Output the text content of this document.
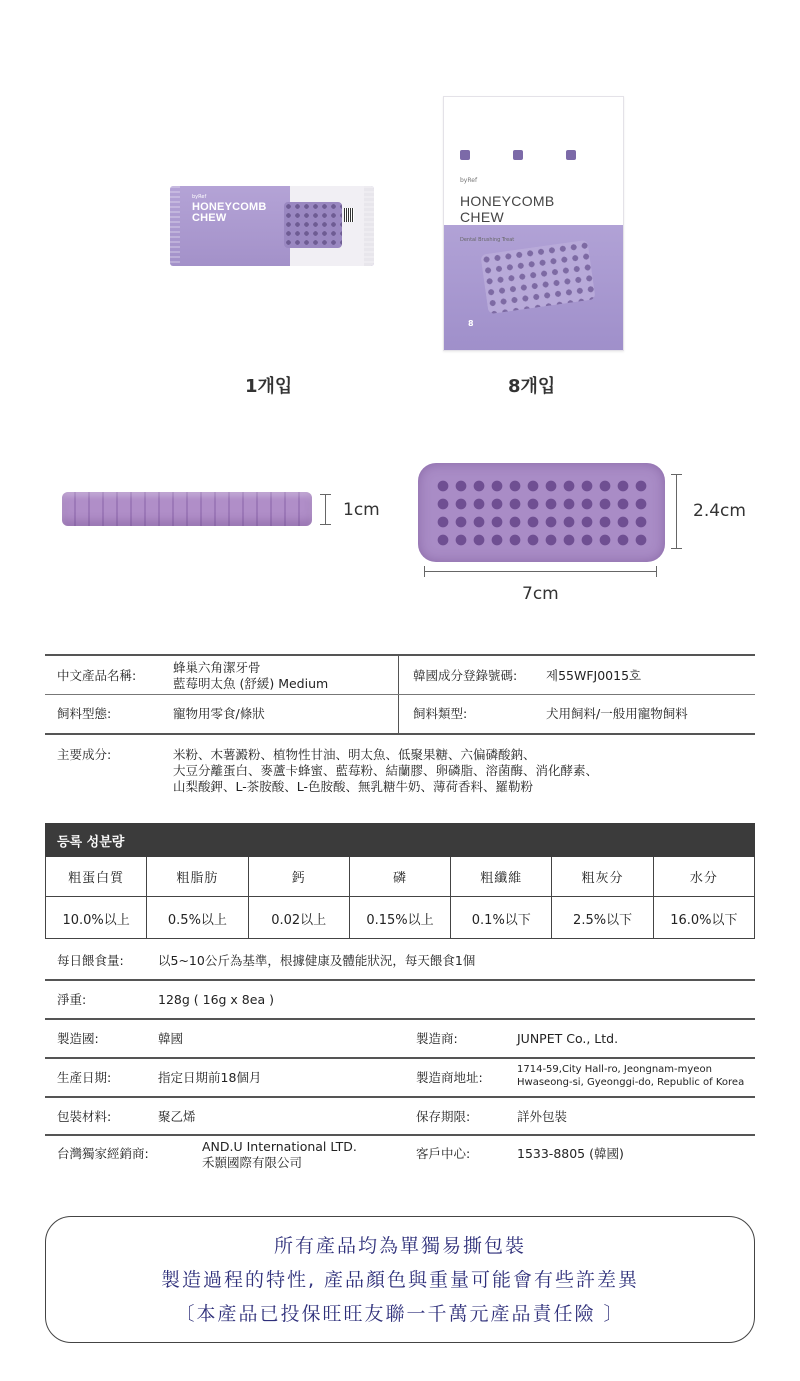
byRef
HONEYCOMB
CHEW
byRef
HONEYCOMB
CHEW
Dental Brushing Treat
8
1개입	8개입
1cm	2.4cm
7cm
中文產品名稱:
蜂巢六角潔牙骨
藍莓明太魚 (舒緩) Medium
韓國成分登錄號碼: 제55WFJ0015호
飼料型態:	寵物用零食/條狀	飼料類型:	犬用飼料/一般用寵物飼料
主要成分:	米粉、木薯澱粉、植物性甘油、明太魚、低聚果糖、六偏磷酸鈉、
大豆分離蛋白、麥蘆卡蜂蜜、藍莓粉、結蘭膠、卵磷脂、溶菌酶、消化酵素、
山梨酸鉀、L-茶胺酸、L-色胺酸、無乳糖牛奶、薄荷香料、羅勒粉
등록 성분량
粗蛋白質	粗脂肪	鈣	磷	粗纖維	粗灰分	水分
10.0%以上	0.5%以上	0.02以上	0.15%以上	0.1%以下	2.5%以下	16.0%以下
每日餵食量:	以5~10公斤為基準，根據健康及體能狀況，每天餵食1個
淨重:	128g ( 16g x 8ea )
製造國:	韓國	製造商:	JUNPET Co., Ltd.
生產日期:	指定日期前18個月	製造商地址:
1714-59,City Hall-ro, Jeongnam-myeon
Hwaseong-si, Gyeonggi-do, Republic of Korea
包裝材料:	聚乙烯	保存期限:	詳外包裝
台灣獨家經銷商:	AND.U International LTD.
禾顥國際有限公司
客戶中心:	1533-8805 (韓國)
所有產品均為單獨易撕包裝
製造過程的特性, 產品顏色與重量可能會有些許差異
〔本產品已投保旺旺友聯一千萬元產品責任險 〕
